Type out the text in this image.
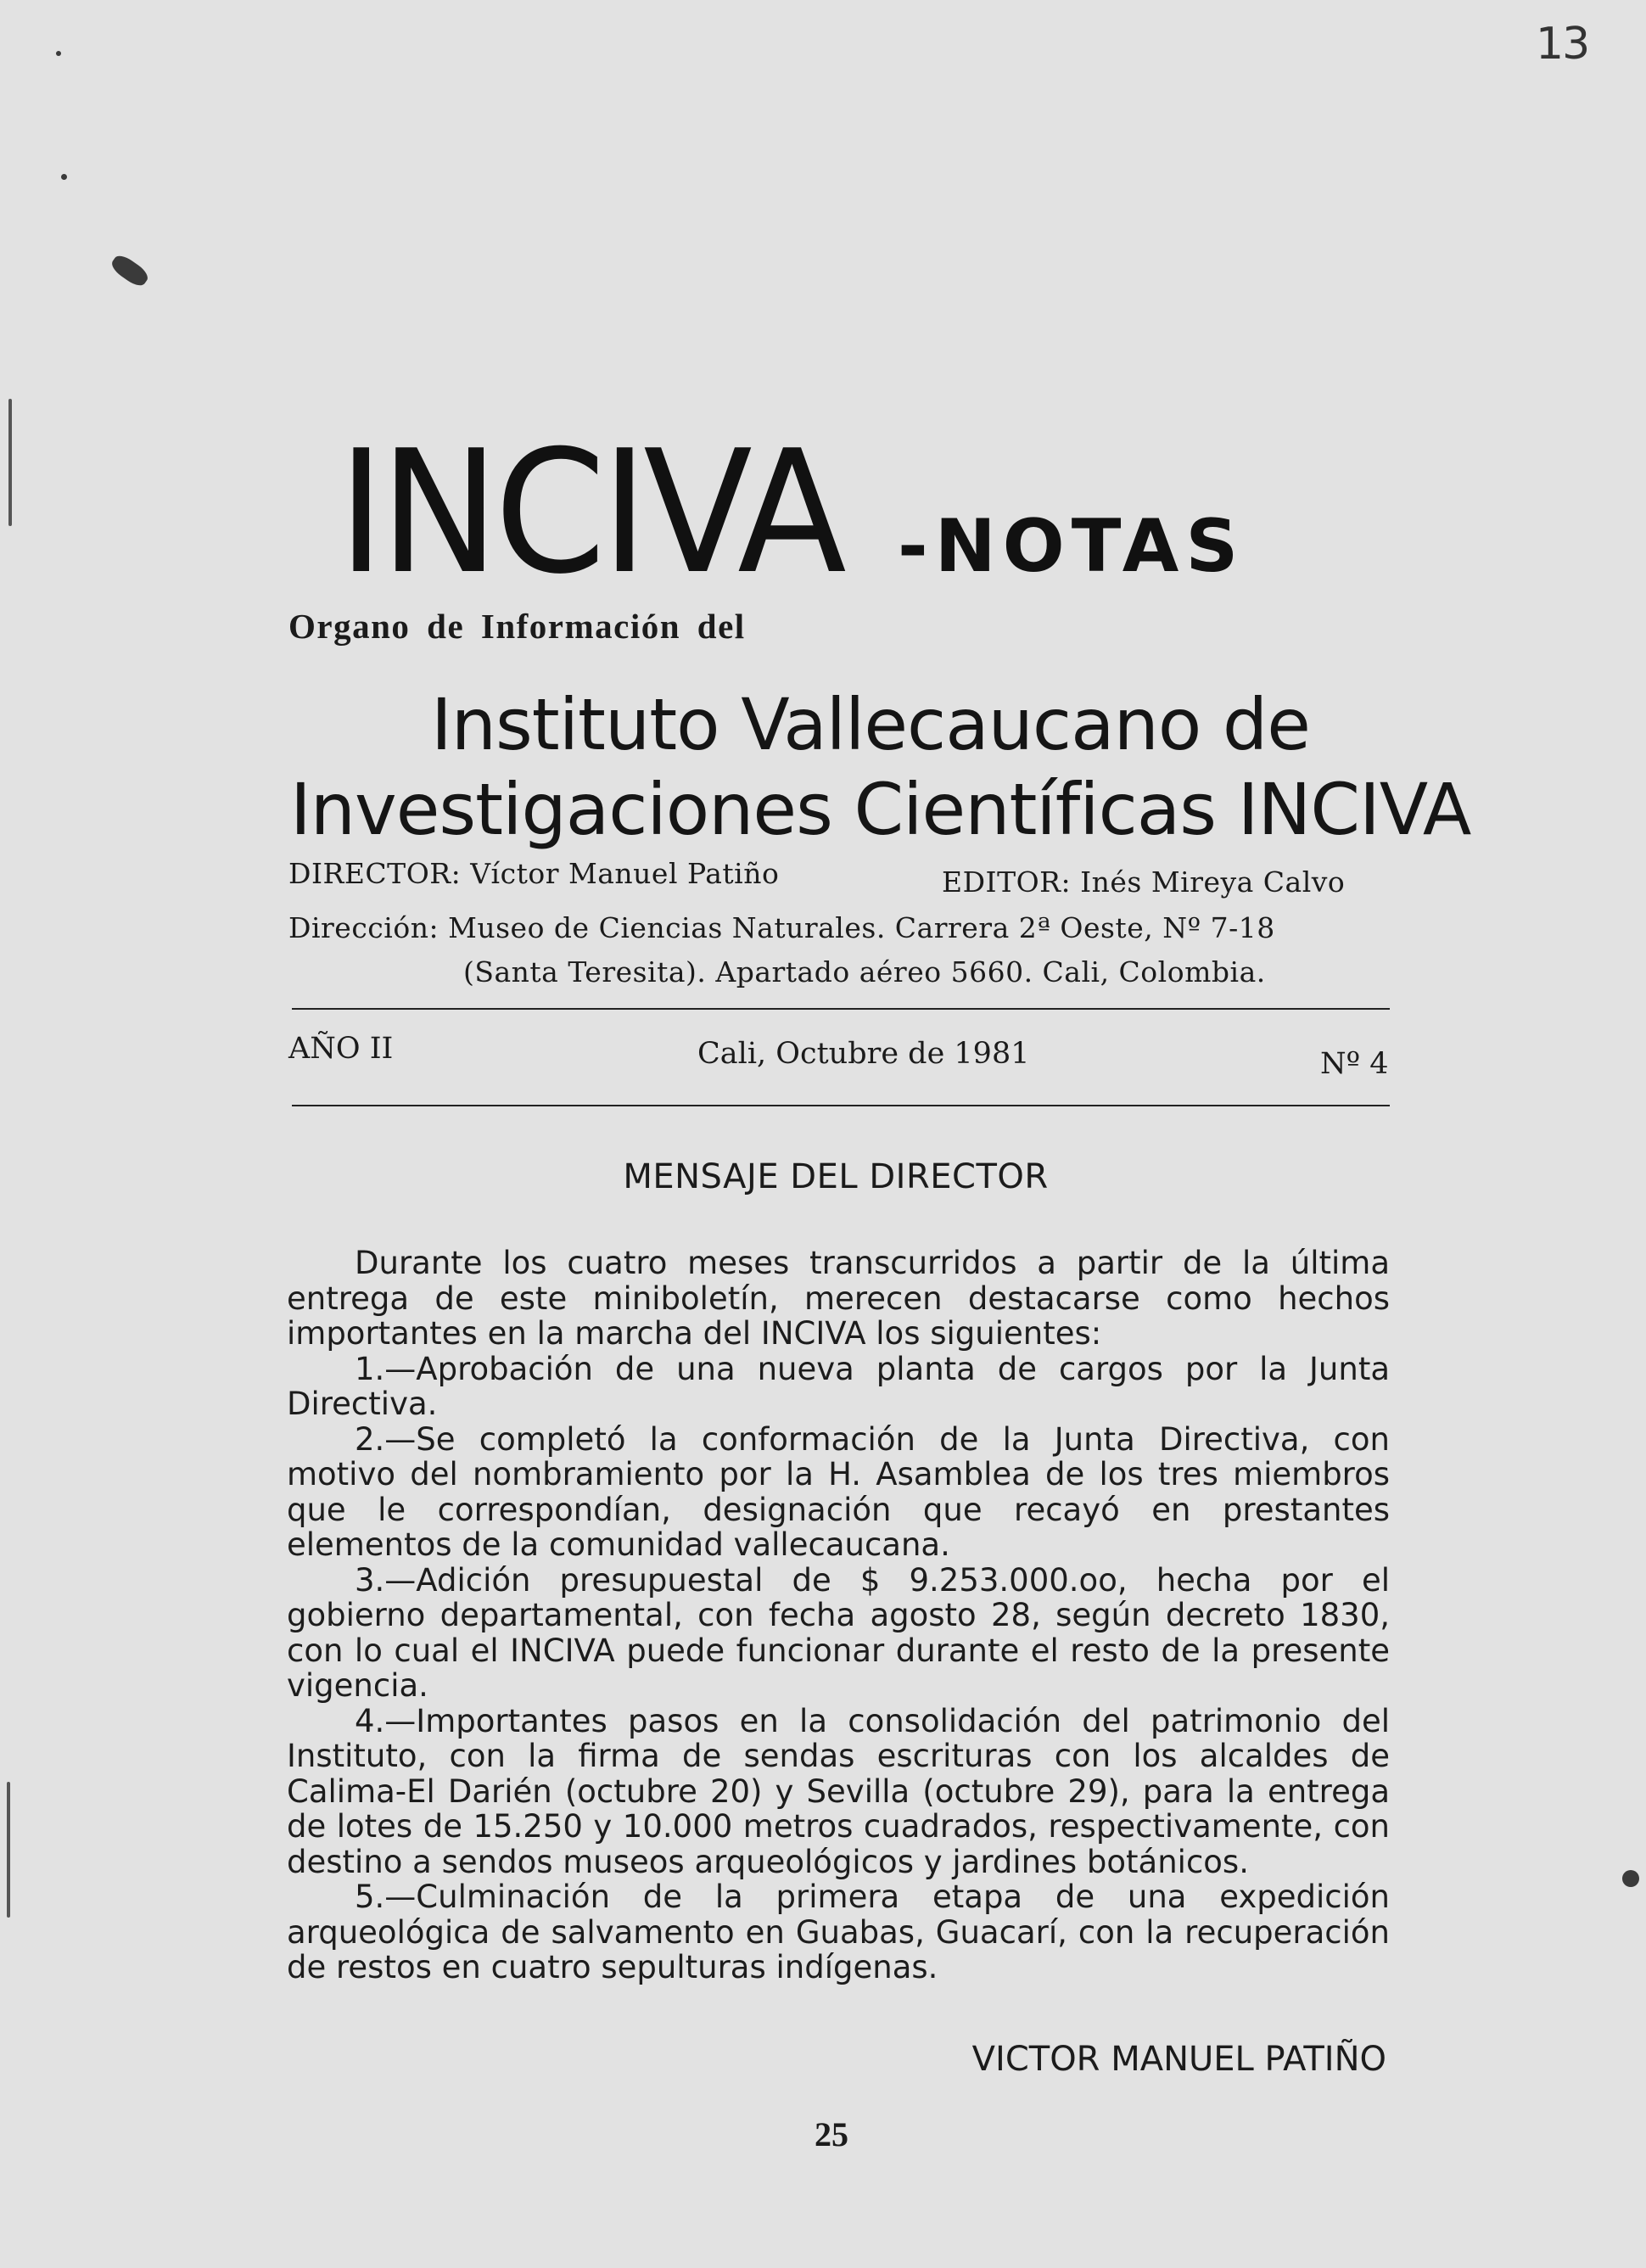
13
INCIVA -NOTAS
Organo de Información del
Instituto Vallecaucano de
Investigaciones Científicas INCIVA
DIRECTOR: Víctor Manuel Patiño	EDITOR: Inés Mireya Calvo
Dirección: Museo de Ciencias Naturales. Carrera 2ª Oeste, Nº 7-18
(Santa Teresita). Apartado aéreo 5660. Cali, Colombia.
AÑO II	Cali, Octubre de 1981	Nº 4
MENSAJE DEL DIRECTOR

Durante los cuatro meses transcurridos a partir de la última entrega de este miniboletín, merecen destacarse como hechos importantes en la marcha del INCIVA los siguientes:

1.—Aprobación de una nueva planta de cargos por la Junta Directiva.

2.—Se completó la conformación de la Junta Directiva, con motivo del nombramiento por la H. Asamblea de los tres miembros que le correspondían, designación que recayó en prestantes elementos de la comunidad vallecaucana.

3.—Adición presupuestal de $ 9.253.000.oo, hecha por el gobierno departamental, con fecha agosto 28, según decreto 1830, con lo cual el INCIVA puede funcionar durante el resto de la presente vigencia.

4.—Importantes pasos en la consolidación del patrimonio del Instituto, con la firma de sendas escrituras con los alcaldes de Calima-El Darién (octubre 20) y Sevilla (octubre 29), para la entrega de lotes de 15.250 y 10.000 metros cuadrados, respectivamente, con destino a sendos museos arqueológicos y jardines botánicos.

5.—Culminación de la primera etapa de una expedición arqueológica de salvamento en Guabas, Guacarí, con la recuperación de restos en cuatro sepulturas indígenas.

VICTOR MANUEL PATIÑO
25
